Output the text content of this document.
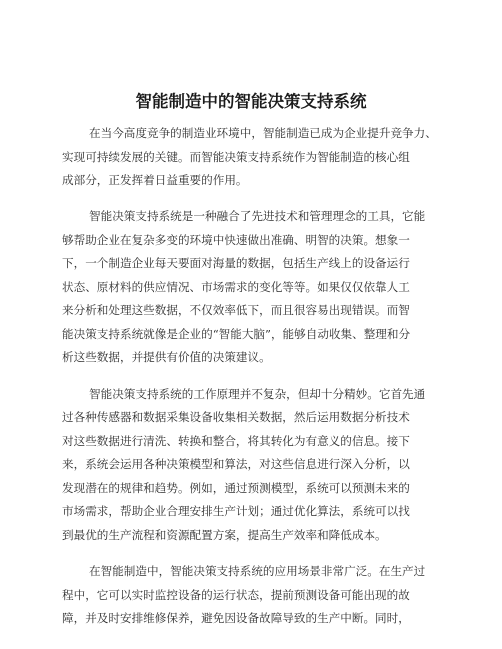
智能制造中的智能决策支持系统
在当今高度竞争的制造业环境中，智能制造已成为企业提升竞争力、
实现可持续发展的关键。而智能决策支持系统作为智能制造的核心组
成部分，正发挥着日益重要的作用。
智能决策支持系统是一种融合了先进技术和管理理念的工具，它能
够帮助企业在复杂多变的环境中快速做出准确、明智的决策。想象一
下，一个制造企业每天要面对海量的数据，包括生产线上的设备运行
状态、原材料的供应情况、市场需求的变化等等。如果仅仅依靠人工
来分析和处理这些数据，不仅效率低下，而且很容易出现错误。而智
能决策支持系统就像是企业的“智能大脑”，能够自动收集、整理和分
析这些数据，并提供有价值的决策建议。
智能决策支持系统的工作原理并不复杂，但却十分精妙。它首先通
过各种传感器和数据采集设备收集相关数据，然后运用数据分析技术
对这些数据进行清洗、转换和整合，将其转化为有意义的信息。接下
来，系统会运用各种决策模型和算法，对这些信息进行深入分析，以
发现潜在的规律和趋势。例如，通过预测模型，系统可以预测未来的
市场需求，帮助企业合理安排生产计划；通过优化算法，系统可以找
到最优的生产流程和资源配置方案，提高生产效率和降低成本。
在智能制造中，智能决策支持系统的应用场景非常广泛。在生产过
程中，它可以实时监控设备的运行状态，提前预测设备可能出现的故
障，并及时安排维修保养，避免因设备故障导致的生产中断。同时，
